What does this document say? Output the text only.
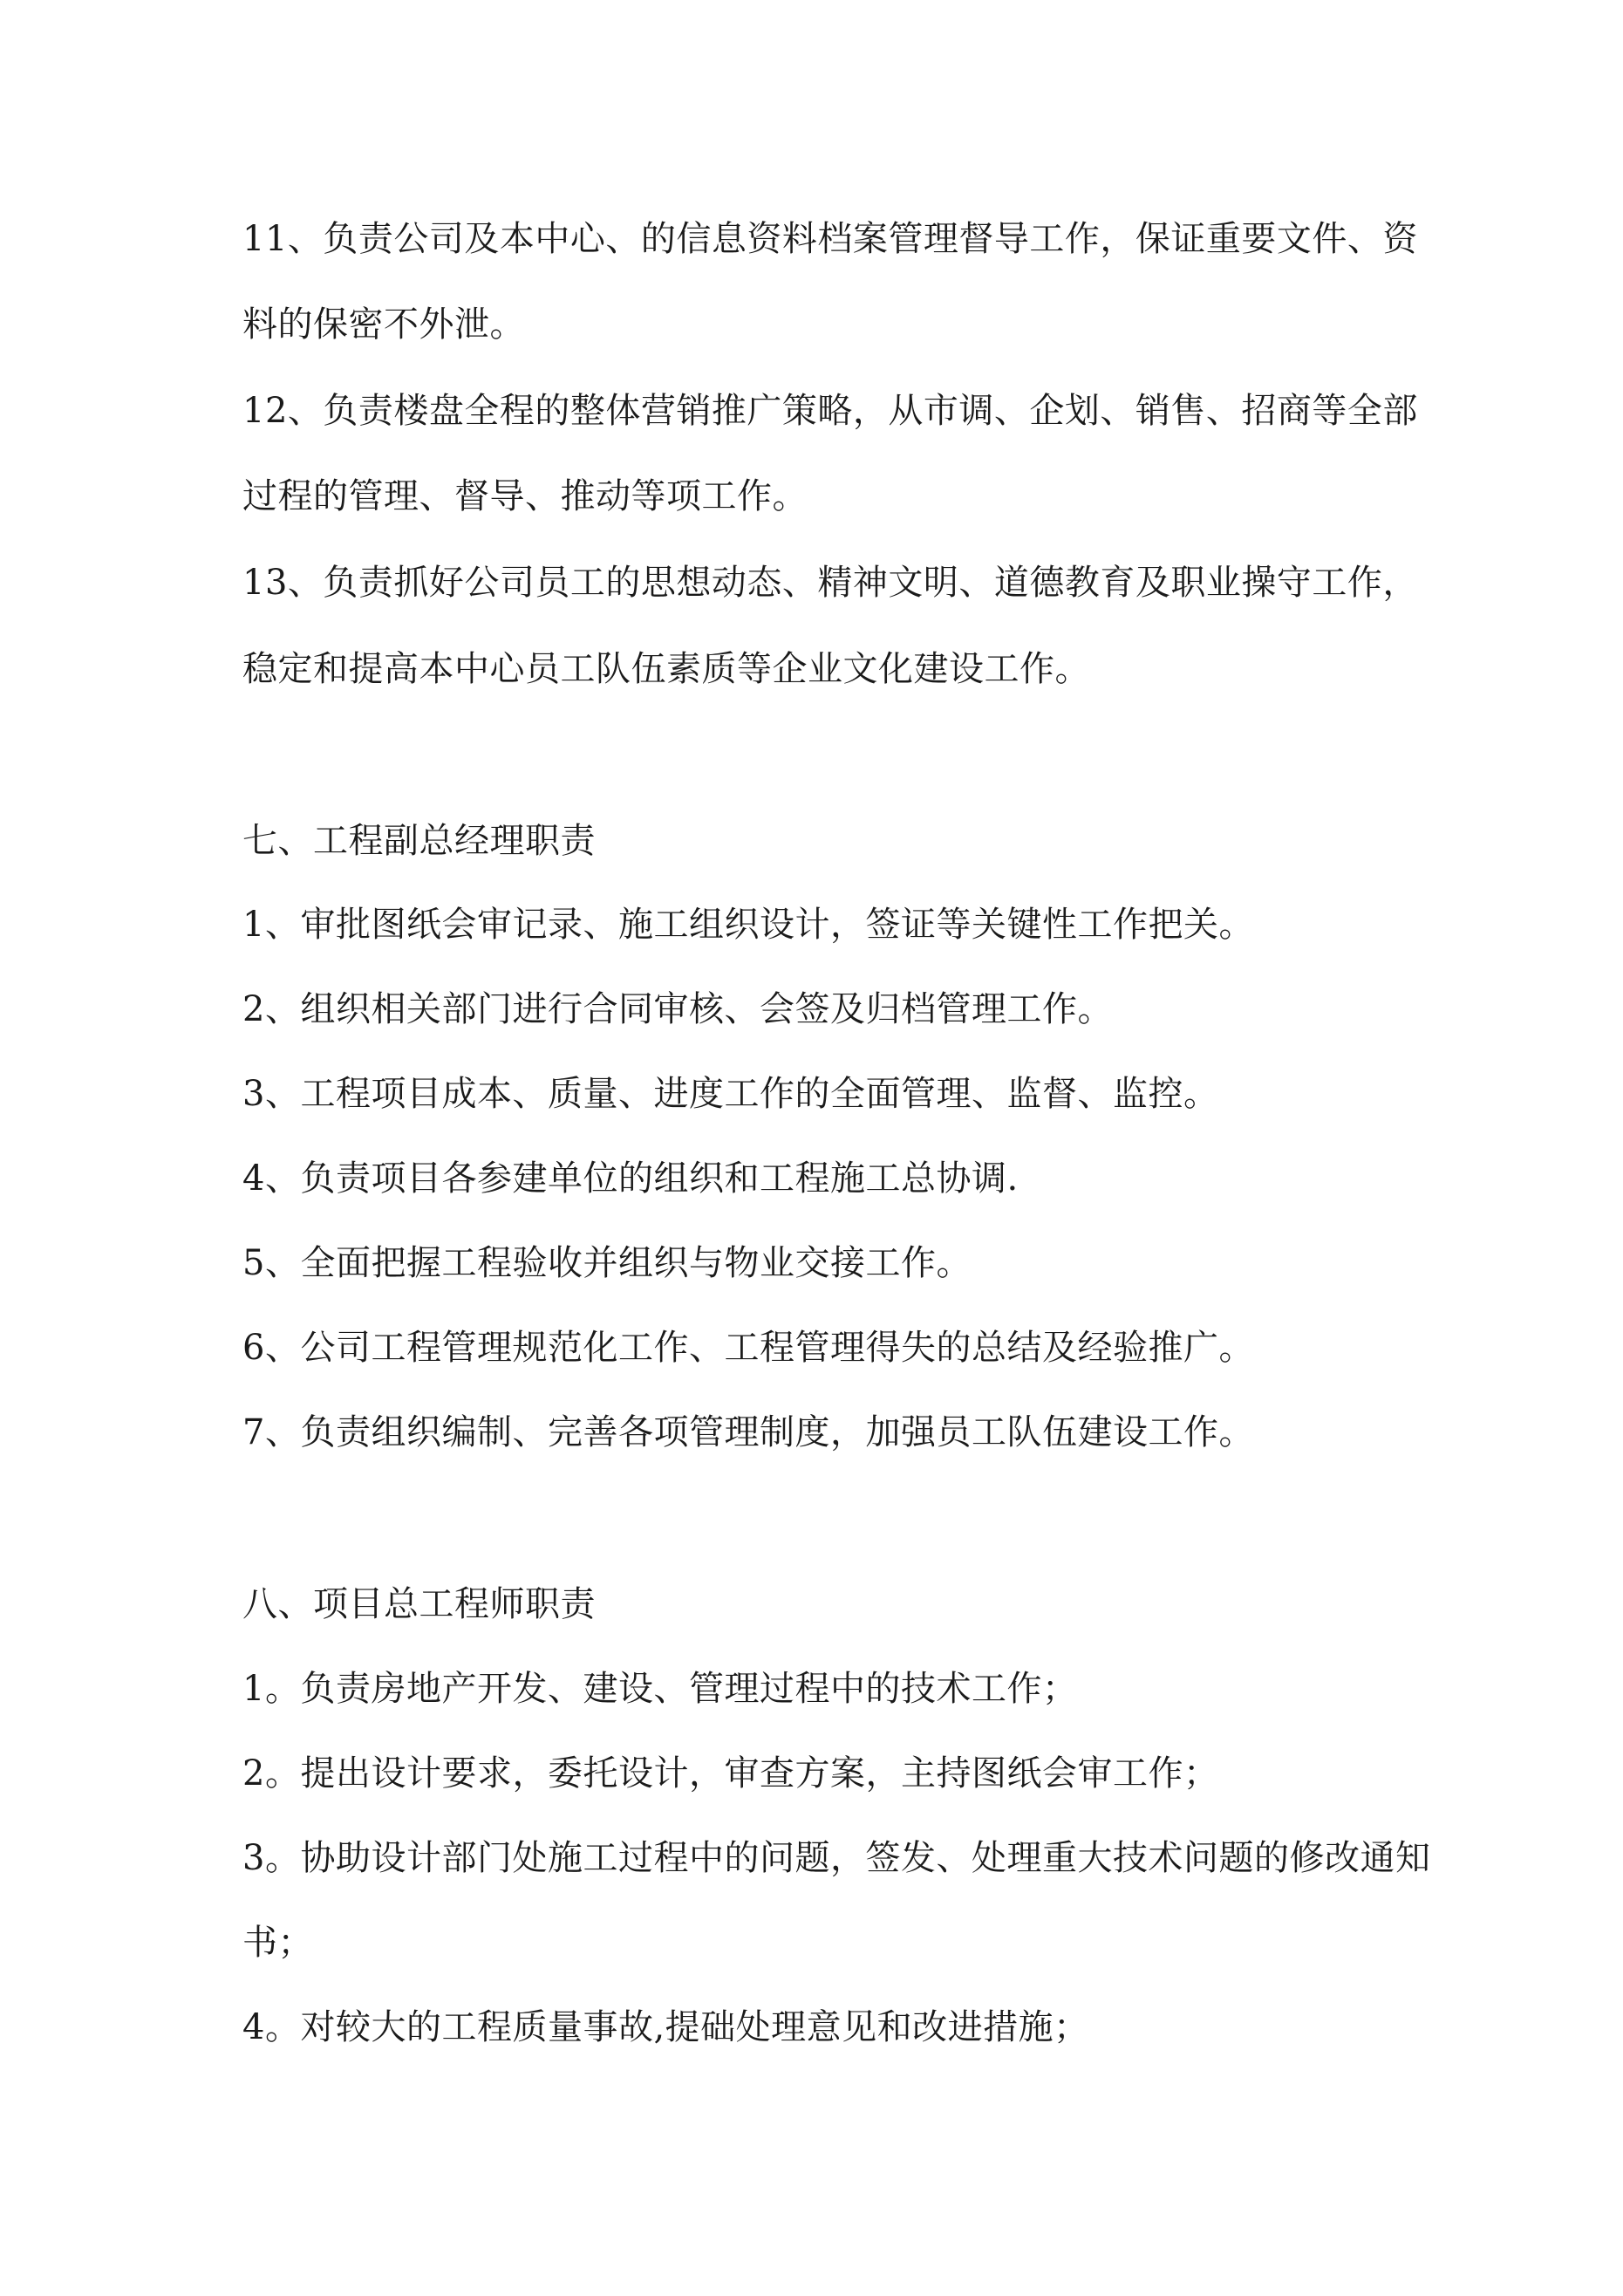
11、负责公司及本中心、的信息资料档案管理督导工作，保证重要文件、资
料的保密不外泄。
12、负责楼盘全程的整体营销推广策略，从市调、企划、销售、招商等全部
过程的管理、督导、推动等项工作。
13、负责抓好公司员工的思想动态、精神文明、道德教育及职业操守工作，
稳定和提高本中心员工队伍素质等企业文化建设工作。
七、工程副总经理职责
1、审批图纸会审记录、施工组织设计，签证等关键性工作把关。
2、组织相关部门进行合同审核、会签及归档管理工作。
3、工程项目成本、质量、进度工作的全面管理、监督、监控。
4、负责项目各参建单位的组织和工程施工总协调.
5、全面把握工程验收并组织与物业交接工作。
6、公司工程管理规范化工作、工程管理得失的总结及经验推广。
7、负责组织编制、完善各项管理制度，加强员工队伍建设工作。
八、项目总工程师职责
1。负责房地产开发、建设、管理过程中的技术工作；
2。提出设计要求，委托设计，审查方案，主持图纸会审工作；
3。协助设计部门处施工过程中的问题，签发、处理重大技术问题的修改通知
书；
4。对较大的工程质量事故,提础处理意见和改进措施；
